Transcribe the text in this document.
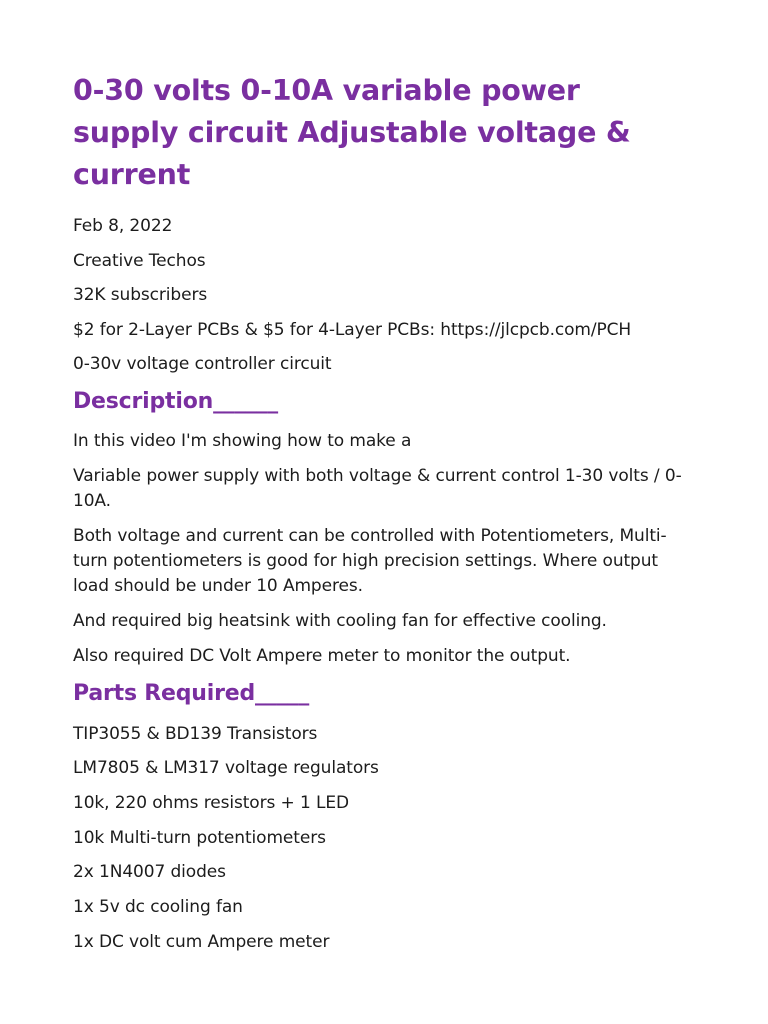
0-30 volts 0-10A variable power supply circuit Adjustable voltage & current

Feb 8, 2022

Creative Techos

32K subscribers

$2 for 2-Layer PCBs & $5 for 4-Layer PCBs: https://jlcpcb.com/PCH

0-30v voltage controller circuit

Description______

In this video I'm showing how to make a

Variable power supply with both voltage & current control 1-30 volts / 0-10A.

Both voltage and current can be controlled with Potentiometers, Multi-turn potentiometers is good for high precision settings. Where output load should be under 10 Amperes.

And required big heatsink with cooling fan for effective cooling.

Also required DC Volt Ampere meter to monitor the output.

Parts Required_____

TIP3055 & BD139 Transistors

LM7805 & LM317 voltage regulators

10k, 220 ohms resistors + 1 LED

10k Multi-turn potentiometers

2x 1N4007 diodes

1x 5v dc cooling fan

1x DC volt cum Ampere meter
